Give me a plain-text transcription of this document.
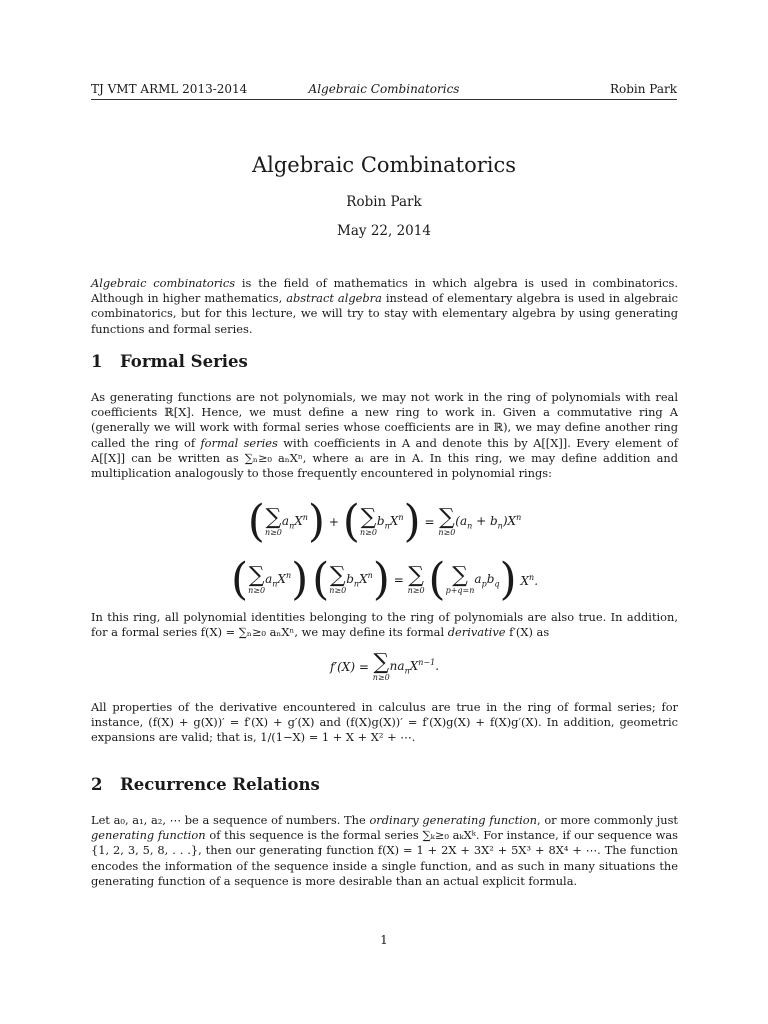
TJ VMT ARML 2013-2014	Algebraic Combinatorics	Robin Park
Algebraic Combinatorics
Robin Park
May 22, 2014

Algebraic combinatorics is the field of mathematics in which algebra is used in combinatorics. Although in higher mathematics, abstract algebra instead of elementary algebra is used in algebraic combinatorics, but for this lecture, we will try to stay with elementary algebra by using generating functions and formal series.

1 Formal Series

As generating functions are not polynomials, we may not work in the ring of polynomials with real coefficients ℝ[X]. Hence, we must define a new ring to work in. Given a commutative ring A (generally we will work with formal series whose coefficients are in ℝ), we may define another ring called the ring of formal series with coefficients in A and denote this by A[[X]]. Every element of A[[X]] can be written as ∑ₙ≥₀ aₙXⁿ, where aᵢ are in A. In this ring, we may define addition and multiplication analogously to those frequently encountered in polynomial rings:

( ∑
n≥0
$a_nX^n$) + ( ∑
n≥0
$b_nX^n$) = ∑
n≥0
$(a_n + b_n)X^n$
( ∑
n≥0
$a_nX^n$) ( ∑
n≥0
$b_nX^n$) = ∑
n≥0 ( ∑
p+q=n
$a_pb_q$) $X^n$.

In this ring, all polynomial identities belonging to the ring of polynomials are also true. In addition, for a formal series f(X) = ∑ₙ≥₀ aₙXⁿ, we may define its formal derivative f′(X) as

f′(X) = ∑
n≥0
$na_nX^{n-1}$.

All properties of the derivative encountered in calculus are true in the ring of formal series; for instance, (f(X) + g(X))′ = f′(X) + g′(X) and (f(X)g(X))′ = f′(X)g(X) + f(X)g′(X). In addition, geometric expansions are valid; that is, 1/(1−X) = 1 + X + X² + ⋯.

2 Recurrence Relations

Let a₀, a₁, a₂, ⋯ be a sequence of numbers. The ordinary generating function, or more commonly just generating function of this sequence is the formal series ∑ₖ≥₀ aₖXᵏ. For instance, if our sequence was {1, 2, 3, 5, 8, . . .}, then our generating function f(X) = 1 + 2X + 3X² + 5X³ + 8X⁴ + ⋯. The function encodes the information of the sequence inside a single function, and as such in many situations the generating function of a sequence is more desirable than an actual explicit formula.

1
